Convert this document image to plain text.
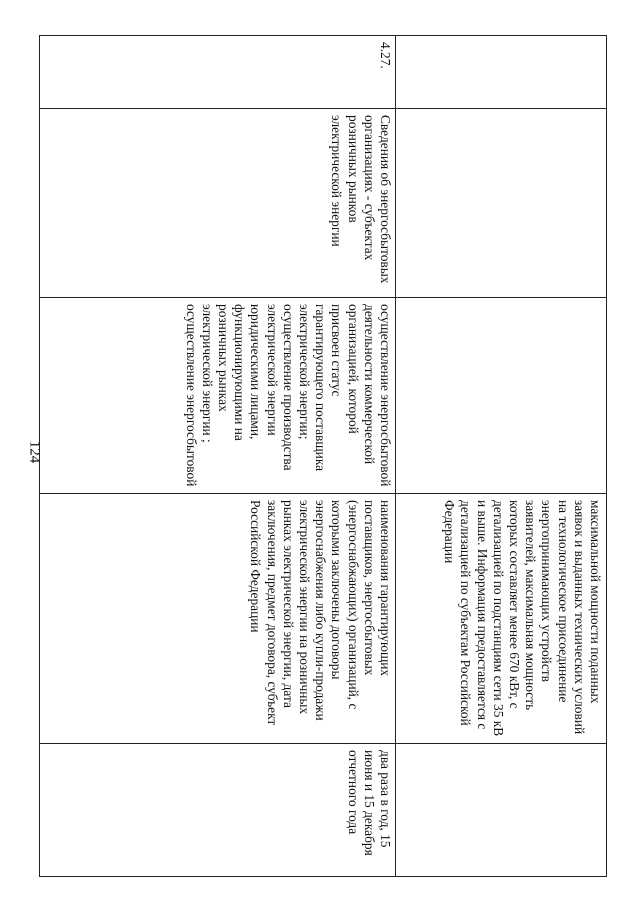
124
максимальной мощности поданных заявок и выданных технических условий на технологическое присоединение энергопринимающих устройств заявителей, максимальная мощность которых составляет менее 670 кВт, с детализацией по подстанциям сети 35 кВ и выше. Информация предоставляется с детализацией по субъектам Российской Федерации
4.27.
Сведения об энергосбытовых организациях - субъектах розничных рынков электрической энергии
осуществление энергосбытовой деятельности коммерческой организацией, которой присвоен статус гарантирующего поставщика электрической энергии; осуществление производства электрической энергии юридическими лицами, функционирующими на розничных рынках электрической энергии ; осуществление энергосбытовой
наименования гарантирующих поставщиков, энергосбытовых (энергоснабжающих) организаций, с которыми заключены договоры энергоснабжения либо купли-продажи электрической энергии на розничных рынках электрической энергии, дата заключения, предмет договора, субъект Российской Федерации
два раза в год, 15 июня и 15 декабря отчетного года
